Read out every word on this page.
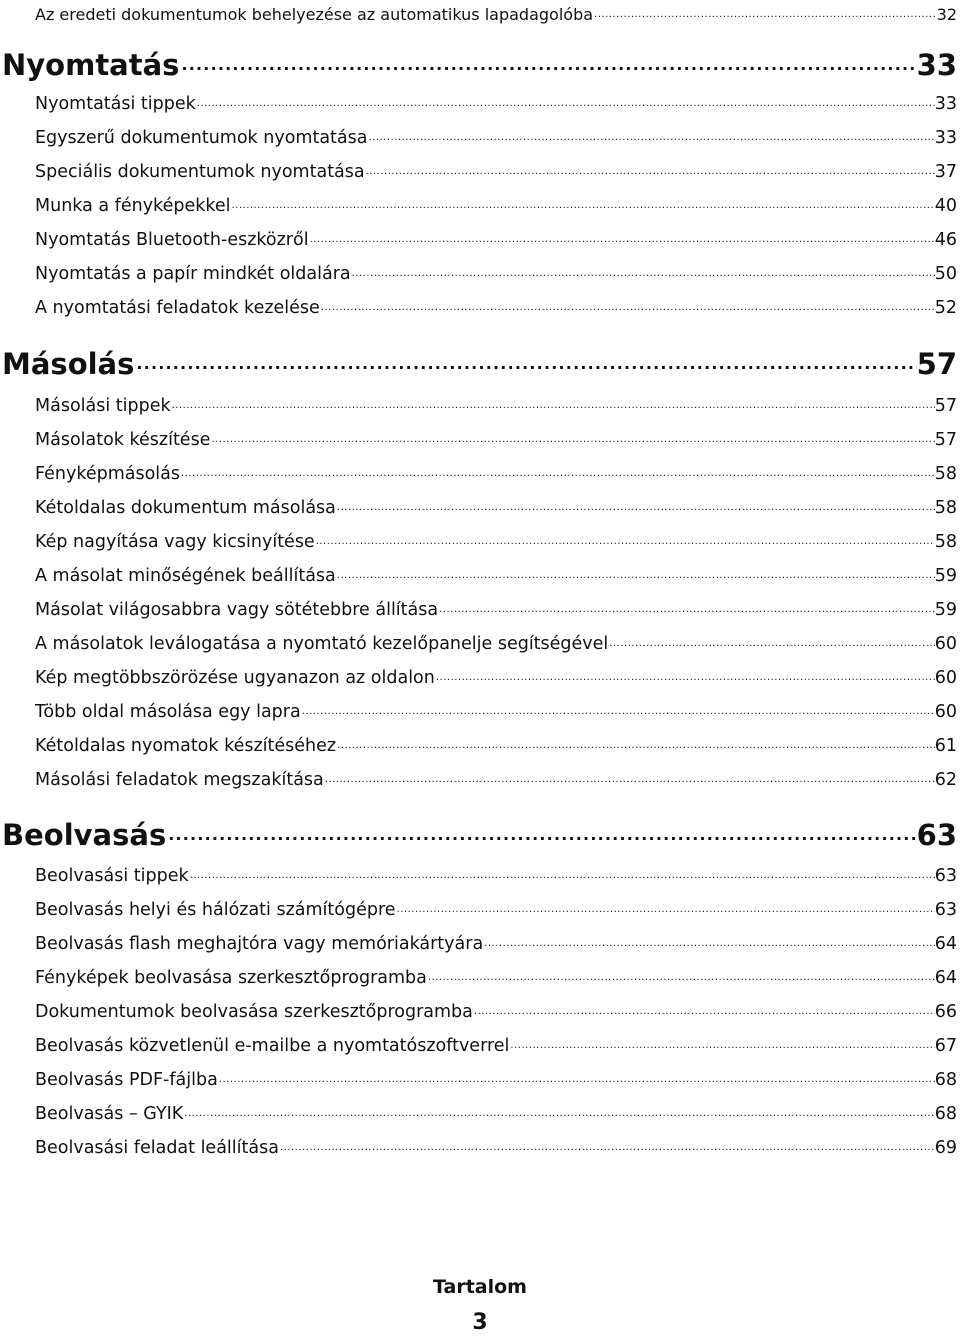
Az eredeti dokumentumok behelyezése az automatikus lapadagolóba .....	32
Nyomtatás .....	33
Nyomtatási tippek .....	33
Egyszerű dokumentumok nyomtatása .....	33
Speciális dokumentumok nyomtatása .....	37
Munka a fényképekkel .....	40
Nyomtatás Bluetooth-eszközről .....	46
Nyomtatás a papír mindkét oldalára .....	50
A nyomtatási feladatok kezelése .....	52
Másolás .....	57
Másolási tippek .....	57
Másolatok készítése .....	57
Fényképmásolás .....	58
Kétoldalas dokumentum másolása .....	58
Kép nagyítása vagy kicsinyítése .....	58
A másolat minőségének beállítása .....	59
Másolat világosabbra vagy sötétebbre állítása .....	59
A másolatok leválogatása a nyomtató kezelőpanelje segítségével .....	60
Kép megtöbbszörözése ugyanazon az oldalon .....	60
Több oldal másolása egy lapra .....	60
Kétoldalas nyomatok készítéséhez .....	61
Másolási feladatok megszakítása .....	62
Beolvasás .....	63
Beolvasási tippek .....	63
Beolvasás helyi és hálózati számítógépre .....	63
Beolvasás flash meghajtóra vagy memóriakártyára .....	64
Fényképek beolvasása szerkesztőprogramba .....	64
Dokumentumok beolvasása szerkesztőprogramba .....	66
Beolvasás közvetlenül e-mailbe a nyomtatószoftverrel .....	67
Beolvasás PDF-fájlba .....	68
Beolvasás – GYIK .....	68
Beolvasási feladat leállítása .....	69
Tartalom
3
